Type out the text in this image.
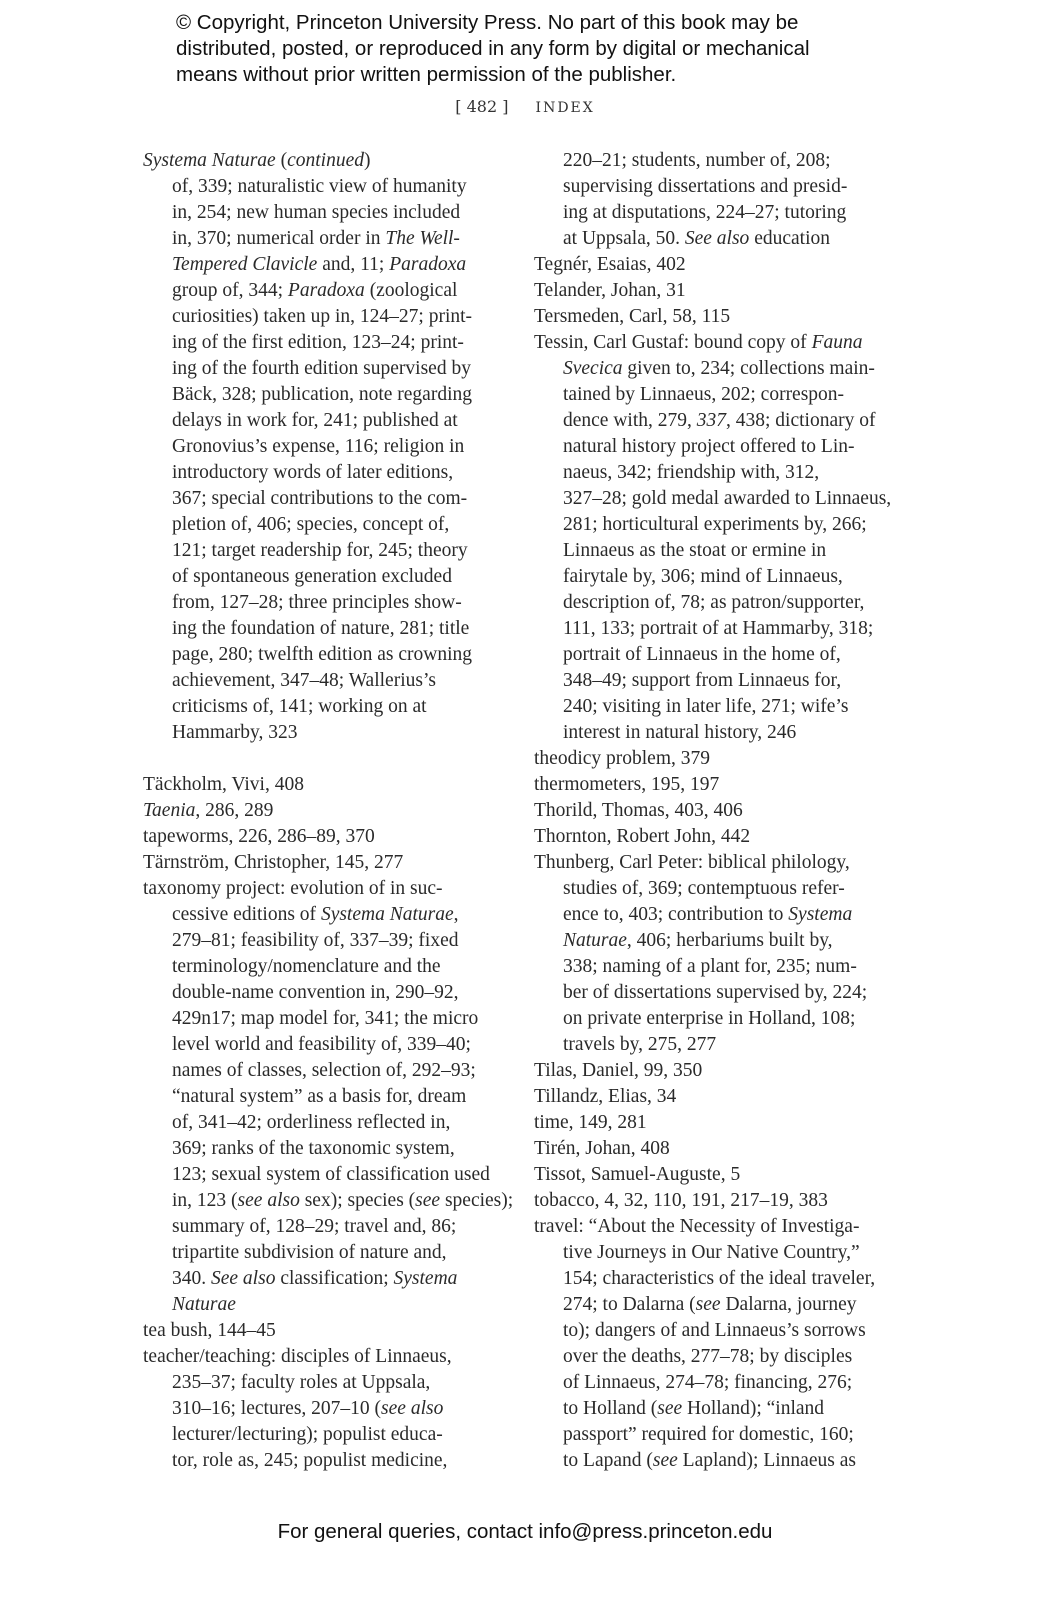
© Copyright, Princeton University Press. No part of this book may be
distributed, posted, or reproduced in any form by digital or mechanical
means without prior written permission of the publisher.
[ 482 ] INDEX
Systema Naturae (continued)
of, 339; naturalistic view of humanity
in, 254; new human species included
in, 370; numerical order in The Well-
Tempered Clavicle and, 11; Paradoxa
group of, 344; Paradoxa (zoological
curiosities) taken up in, 124–27; print-
ing of the first edition, 123–24; print-
ing of the fourth edition supervised by
Bäck, 328; publication, note regarding
delays in work for, 241; published at
Gronovius’s expense, 116; religion in
introductory words of later editions,
367; special contributions to the com-
pletion of, 406; species, concept of,
121; target readership for, 245; theory
of spontaneous generation excluded
from, 127–28; three principles show-
ing the foundation of nature, 281; title
page, 280; twelfth edition as crowning
achievement, 347–48; Wallerius’s
criticisms of, 141; working on at
Hammarby, 323
Täckholm, Vivi, 408
Taenia, 286, 289
tapeworms, 226, 286–89, 370
Tärnström, Christopher, 145, 277
taxonomy project: evolution of in suc-
cessive editions of Systema Naturae,
279–81; feasibility of, 337–39; fixed
terminology/nomenclature and the
double-name convention in, 290–92,
429n17; map model for, 341; the micro
level world and feasibility of, 339–40;
names of classes, selection of, 292–93;
“natural system” as a basis for, dream
of, 341–42; orderliness reflected in,
369; ranks of the taxonomic system,
123; sexual system of classification used
in, 123 (see also sex); species (see species);
summary of, 128–29; travel and, 86;
tripartite subdivision of nature and,
340. See also classification; Systema
Naturae
tea bush, 144–45
teacher/teaching: disciples of Linnaeus,
235–37; faculty roles at Uppsala,
310–16; lectures, 207–10 (see also
lecturer/lecturing); populist educa-
tor, role as, 245; populist medicine,
220–21; students, number of, 208;
supervising dissertations and presid-
ing at disputations, 224–27; tutoring
at Uppsala, 50. See also education
Tegnér, Esaias, 402
Telander, Johan, 31
Tersmeden, Carl, 58, 115
Tessin, Carl Gustaf: bound copy of Fauna
Svecica given to, 234; collections main-
tained by Linnaeus, 202; correspon-
dence with, 279, 337, 438; dictionary of
natural history project offered to Lin-
naeus, 342; friendship with, 312,
327–28; gold medal awarded to Linnaeus,
281; horticultural experiments by, 266;
Linnaeus as the stoat or ermine in
fairytale by, 306; mind of Linnaeus,
description of, 78; as patron/supporter,
111, 133; portrait of at Hammarby, 318;
portrait of Linnaeus in the home of,
348–49; support from Linnaeus for,
240; visiting in later life, 271; wife’s
interest in natural history, 246
theodicy problem, 379
thermometers, 195, 197
Thorild, Thomas, 403, 406
Thornton, Robert John, 442
Thunberg, Carl Peter: biblical philology,
studies of, 369; contemptuous refer-
ence to, 403; contribution to Systema
Naturae, 406; herbariums built by,
338; naming of a plant for, 235; num-
ber of dissertations supervised by, 224;
on private enterprise in Holland, 108;
travels by, 275, 277
Tilas, Daniel, 99, 350
Tillandz, Elias, 34
time, 149, 281
Tirén, Johan, 408
Tissot, Samuel-Auguste, 5
tobacco, 4, 32, 110, 191, 217–19, 383
travel: “About the Necessity of Investiga-
tive Journeys in Our Native Country,”
154; characteristics of the ideal traveler,
274; to Dalarna (see Dalarna, journey
to); dangers of and Linnaeus’s sorrows
over the deaths, 277–78; by disciples
of Linnaeus, 274–78; financing, 276;
to Holland (see Holland); “inland
passport” required for domestic, 160;
to Lapand (see Lapland); Linnaeus as
For general queries, contact info@press.princeton.edu
